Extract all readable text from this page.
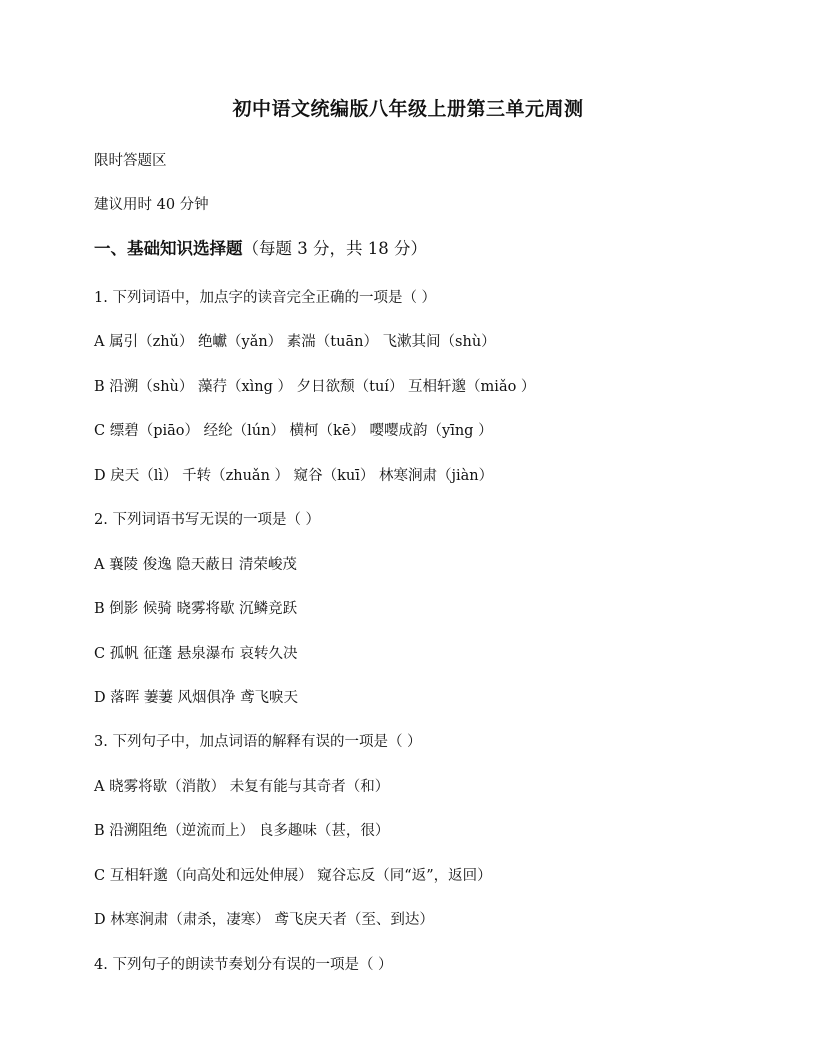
初中语文统编版八年级上册第三单元周测
限时答题区
建议用时 40 分钟
一、基础知识选择题（每题 3 分，共 18 分）
1. 下列词语中，加点字的读音完全正确的一项是（ ）
A 属引（zhǔ） 绝巘（yǎn） 素湍（tuān） 飞漱其间（shù）
B 沿溯（shù） 藻荇（xìng ） 夕日欲颓（tuí） 互相轩邈（miǎo ）
C 缥碧（piāo） 经纶（lún） 横柯（kē） 嘤嘤成韵（yīng ）
D 戾天（lì） 千转（zhuǎn ） 窥谷（kuī） 林寒涧肃（jiàn）
2. 下列词语书写无误的一项是（ ）
A 襄陵 俊逸 隐天蔽日 清荣峻茂
B 倒影 候骑 晓雾将歇 沉鳞竞跃
C 孤帆 征蓬 悬泉瀑布 哀转久决
D 落晖 萋萋 风烟俱净 鸢飞唳天
3. 下列句子中，加点词语的解释有误的一项是（ ）
A 晓雾将歇（消散） 未复有能与其奇者（和）
B 沿溯阻绝（逆流而上） 良多趣味（甚，很）
C 互相轩邈（向高处和远处伸展） 窥谷忘反（同“返”，返回）
D 林寒涧肃（肃杀，凄寒） 鸢飞戾天者（至、到达）
4. 下列句子的朗读节奏划分有误的一项是（ ）
